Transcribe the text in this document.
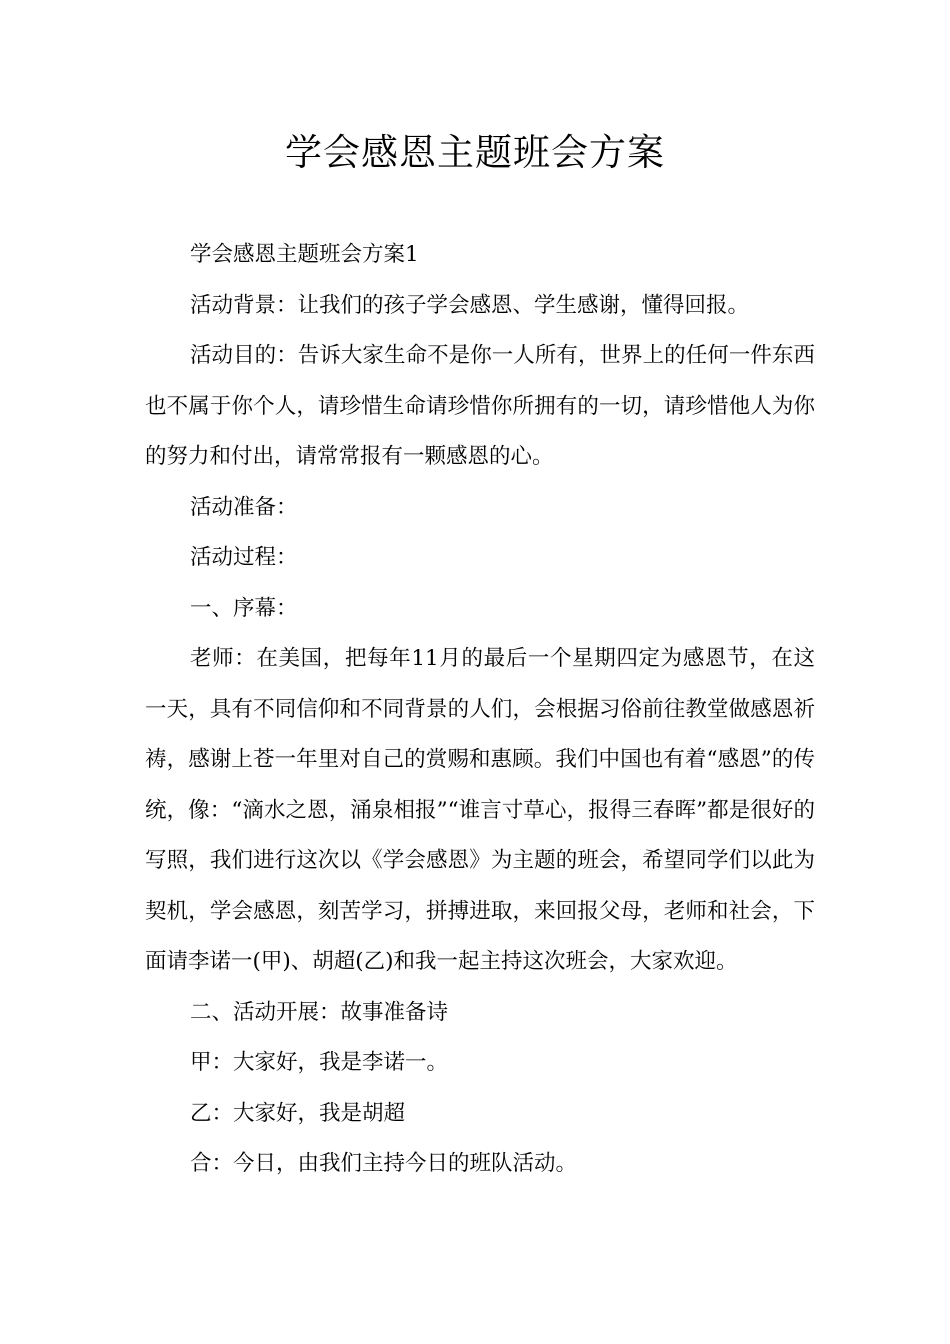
学会感恩主题班会方案

学会感恩主题班会方案1

活动背景：让我们的孩子学会感恩、学生感谢，懂得回报。

活动目的：告诉大家生命不是你一人所有，世界上的任何一件东西也不属于你个人，请珍惜生命请珍惜你所拥有的一切，请珍惜他人为你的努力和付出，请常常报有一颗感恩的心。

活动准备：

活动过程：

一、序幕：

老师：在美国，把每年11月的最后一个星期四定为感恩节，在这一天，具有不同信仰和不同背景的人们，会根据习俗前往教堂做感恩祈祷，感谢上苍一年里对自己的赏赐和惠顾。我们中国也有着“感恩”的传统，像：“滴水之恩，涌泉相报”“谁言寸草心，报得三春晖”都是很好的写照，我们进行这次以《学会感恩》为主题的班会，希望同学们以此为契机，学会感恩，刻苦学习，拼搏进取，来回报父母，老师和社会，下面请李诺一(甲)、胡超(乙)和我一起主持这次班会，大家欢迎。

二、活动开展：故事准备诗

甲：大家好，我是李诺一。

乙：大家好，我是胡超

合：今日，由我们主持今日的班队活动。
